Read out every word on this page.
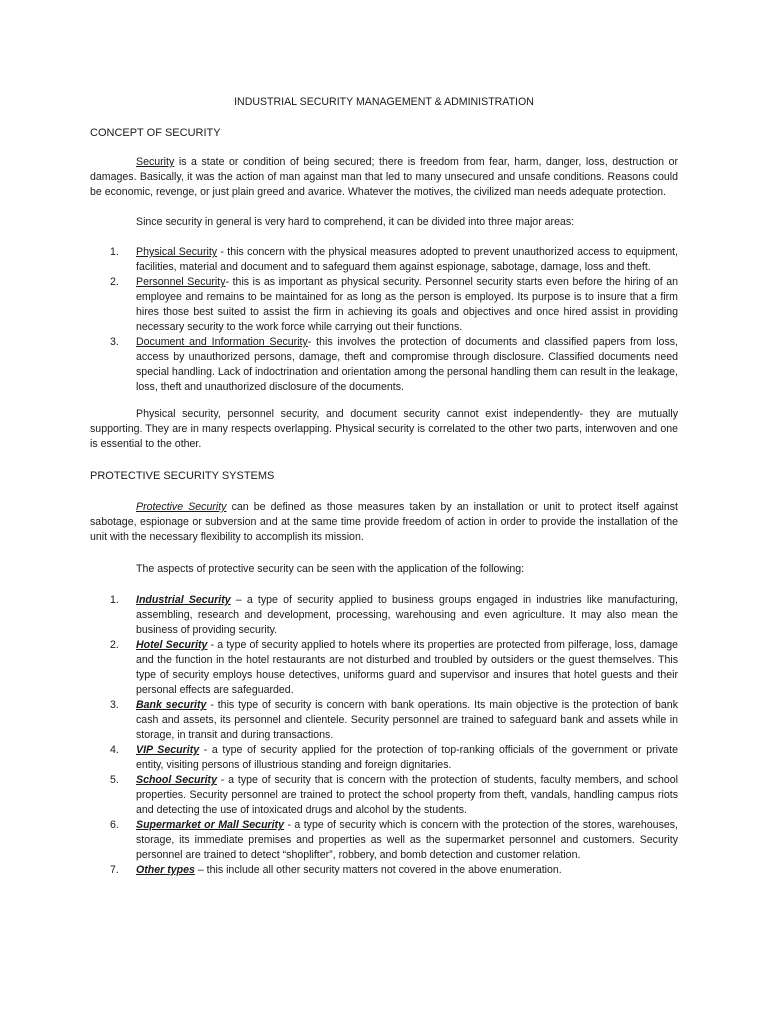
INDUSTRIAL SECURITY MANAGEMENT & ADMINISTRATION
CONCEPT OF SECURITY

Security is a state or condition of being secured; there is freedom from fear, harm, danger, loss, destruction or damages. Basically, it was the action of man against man that led to many unsecured and unsafe conditions. Reasons could be economic, revenge, or just plain greed and avarice. Whatever the motives, the civilized man needs adequate protection.

Since security in general is very hard to comprehend, it can be divided into three major areas:

1. Physical Security - this concern with the physical measures adopted to prevent unauthorized access to equipment, facilities, material and document and to safeguard them against espionage, sabotage, damage, loss and theft.
2. Personnel Security- this is as important as physical security. Personnel security starts even before the hiring of an employee and remains to be maintained for as long as the person is employed. Its purpose is to insure that a firm hires those best suited to assist the firm in achieving its goals and objectives and once hired assist in providing necessary security to the work force while carrying out their functions.
3. Document and Information Security- this involves the protection of documents and classified papers from loss, access by unauthorized persons, damage, theft and compromise through disclosure. Classified documents need special handling. Lack of indoctrination and orientation among the personal handling them can result in the leakage, loss, theft and unauthorized disclosure of the documents.

Physical security, personnel security, and document security cannot exist independently- they are mutually supporting. They are in many respects overlapping. Physical security is correlated to the other two parts, interwoven and one is essential to the other.

PROTECTIVE SECURITY SYSTEMS

Protective Security can be defined as those measures taken by an installation or unit to protect itself against sabotage, espionage or subversion and at the same time provide freedom of action in order to provide the installation of the unit with the necessary flexibility to accomplish its mission.

The aspects of protective security can be seen with the application of the following:

1. Industrial Security – a type of security applied to business groups engaged in industries like manufacturing, assembling, research and development, processing, warehousing and even agriculture. It may also mean the business of providing security.
2. Hotel Security - a type of security applied to hotels where its properties are protected from pilferage, loss, damage and the function in the hotel restaurants are not disturbed and troubled by outsiders or the guest themselves. This type of security employs house detectives, uniforms guard and supervisor and insures that hotel guests and their personal effects are safeguarded.
3. Bank security - this type of security is concern with bank operations. Its main objective is the protection of bank cash and assets, its personnel and clientele. Security personnel are trained to safeguard bank and assets while in storage, in transit and during transactions.
4. VIP Security - a type of security applied for the protection of top-ranking officials of the government or private entity, visiting persons of illustrious standing and foreign dignitaries.
5. School Security - a type of security that is concern with the protection of students, faculty members, and school properties. Security personnel are trained to protect the school property from theft, vandals, handling campus riots and detecting the use of intoxicated drugs and alcohol by the students.
6. Supermarket or Mall Security - a type of security which is concern with the protection of the stores, warehouses, storage, its immediate premises and properties as well as the supermarket personnel and customers. Security personnel are trained to detect “shoplifter”, robbery, and bomb detection and customer relation.
7. Other types – this include all other security matters not covered in the above enumeration.
